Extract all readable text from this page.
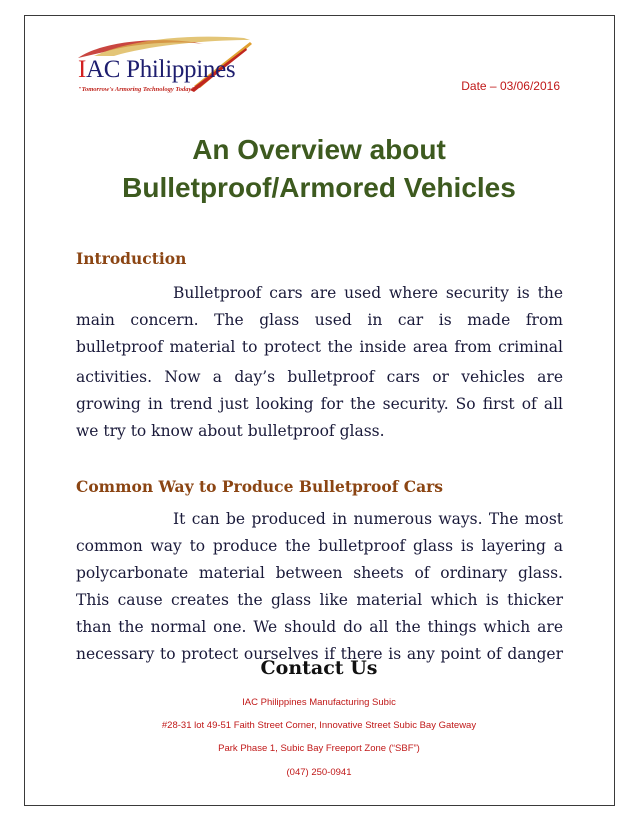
IAC Philippines
"Tomorrow's Armoring Technology Today"	Date – 03/06/2016
An Overview about
Bulletproof/Armored Vehicles
Introduction
Bulletproof cars are used where security is the
main concern. The glass used in car is made from
bulletproof material to protect the inside area from criminal
activities. Now a day’s bulletproof cars or vehicles are
growing in trend just looking for the security. So first of all
we try to know about bulletproof glass.
Common Way to Produce Bulletproof Cars
It can be produced in numerous ways. The most
common way to produce the bulletproof glass is layering a
polycarbonate material between sheets of ordinary glass.
This cause creates the glass like material which is thicker
than the normal one. We should do all the things which are
necessary to protect ourselves if there is any point of danger
Contact Us
IAC Philippines Manufacturing Subic
#28-31 lot 49-51 Faith Street Corner, Innovative Street Subic Bay Gateway
Park Phase 1, Subic Bay Freeport Zone (“SBF”)
(047) 250-0941
